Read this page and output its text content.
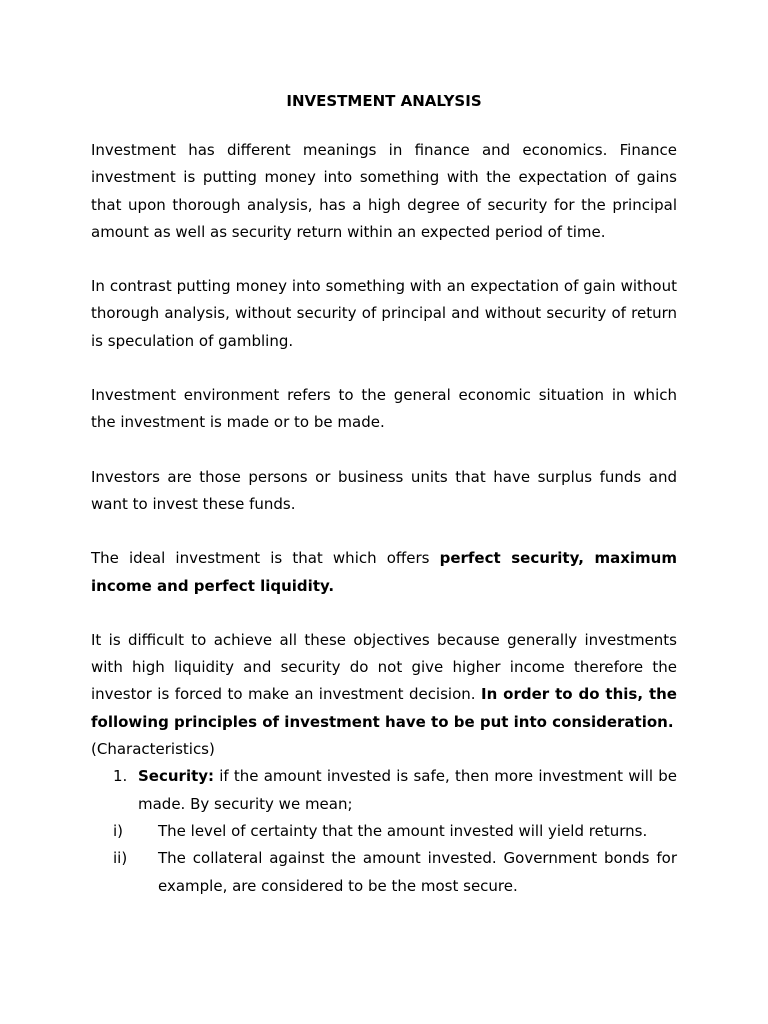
INVESTMENT ANALYSIS

Investment has different meanings in finance and economics. Finance investment is putting money into something with the expectation of gains that upon thorough analysis, has a high degree of security for the principal amount as well as security return within an expected period of time.

In contrast putting money into something with an expectation of gain without thorough analysis, without security of principal and without security of return is speculation of gambling.

Investment environment refers to the general economic situation in which the investment is made or to be made.

Investors are those persons or business units that have surplus funds and want to invest these funds.

The ideal investment is that which offers perfect security, maximum income and perfect liquidity.

It is difficult to achieve all these objectives because generally investments with high liquidity and security do not give higher income therefore the investor is forced to make an investment decision. In order to do this, the following principles of investment have to be put into consideration.

(Characteristics)
1. Security: if the amount invested is safe, then more investment will be made. By security we mean;
i) The level of certainty that the amount invested will yield returns.
ii) The collateral against the amount invested. Government bonds for example, are considered to be the most secure.
